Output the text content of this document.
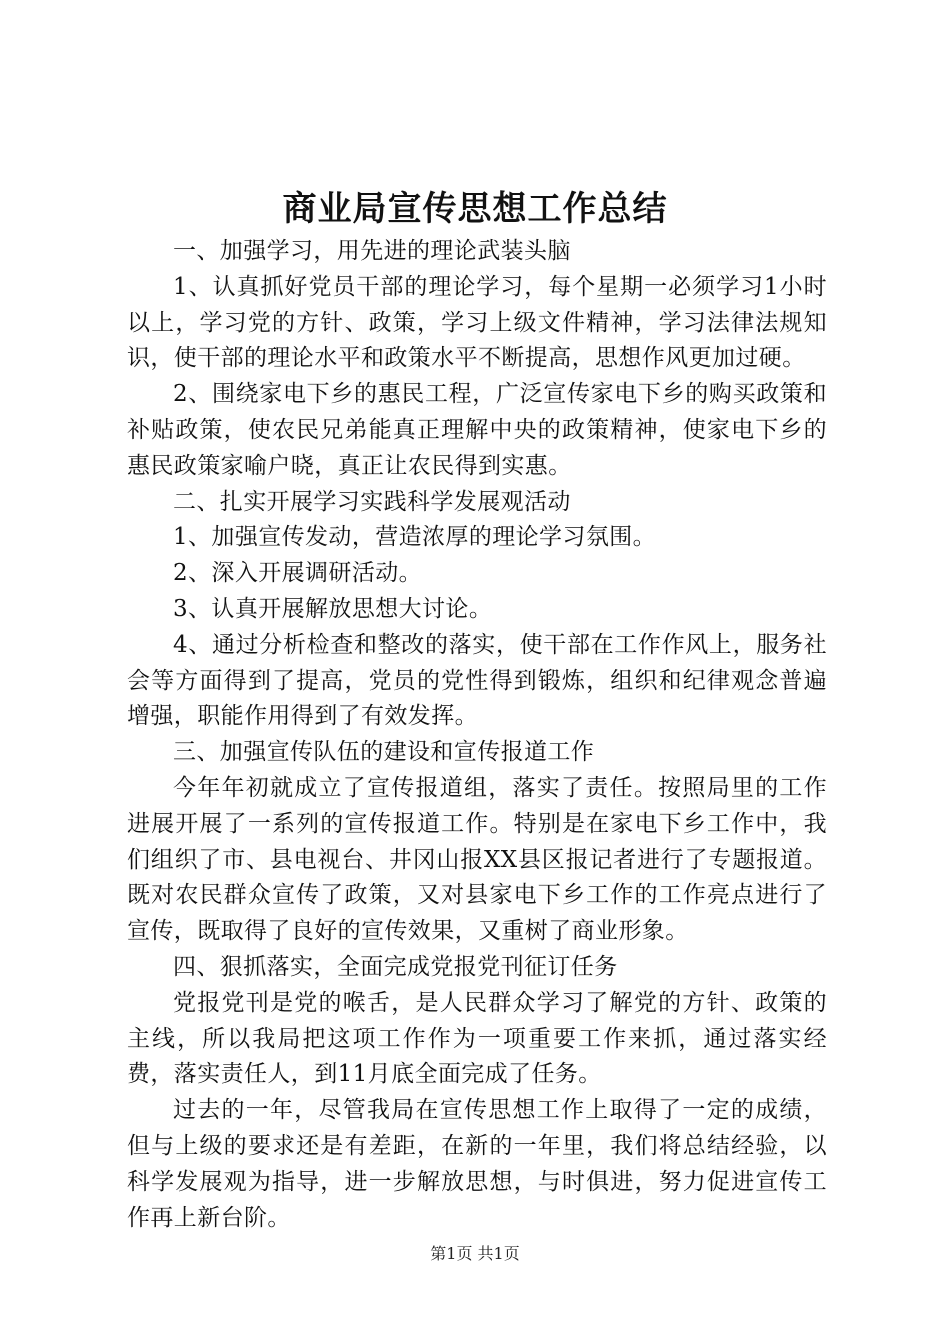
商业局宣传思想工作总结

一、加强学习，用先进的理论武装头脑

1、认真抓好党员干部的理论学习，每个星期一必须学习1小时以上，学习党的方针、政策，学习上级文件精神，学习法律法规知识，使干部的理论水平和政策水平不断提高，思想作风更加过硬。

2、围绕家电下乡的惠民工程，广泛宣传家电下乡的购买政策和补贴政策，使农民兄弟能真正理解中央的政策精神，使家电下乡的惠民政策家喻户晓，真正让农民得到实惠。

二、扎实开展学习实践科学发展观活动

1、加强宣传发动，营造浓厚的理论学习氛围。

2、深入开展调研活动。

3、认真开展解放思想大讨论。

4、通过分析检查和整改的落实，使干部在工作作风上，服务社会等方面得到了提高，党员的党性得到锻炼，组织和纪律观念普遍增强，职能作用得到了有效发挥。

三、加强宣传队伍的建设和宣传报道工作

今年年初就成立了宣传报道组，落实了责任。按照局里的工作进展开展了一系列的宣传报道工作。特别是在家电下乡工作中，我们组织了市、县电视台、井冈山报XX县区报记者进行了专题报道。既对农民群众宣传了政策，又对县家电下乡工作的工作亮点进行了宣传，既取得了良好的宣传效果，又重树了商业形象。

四、狠抓落实，全面完成党报党刊征订任务

党报党刊是党的喉舌，是人民群众学习了解党的方针、政策的主线，所以我局把这项工作作为一项重要工作来抓，通过落实经费，落实责任人，到11月底全面完成了任务。

过去的一年，尽管我局在宣传思想工作上取得了一定的成绩，但与上级的要求还是有差距，在新的一年里，我们将总结经验，以科学发展观为指导，进一步解放思想，与时俱进，努力促进宣传工作再上新台阶。

第1页 共1页
